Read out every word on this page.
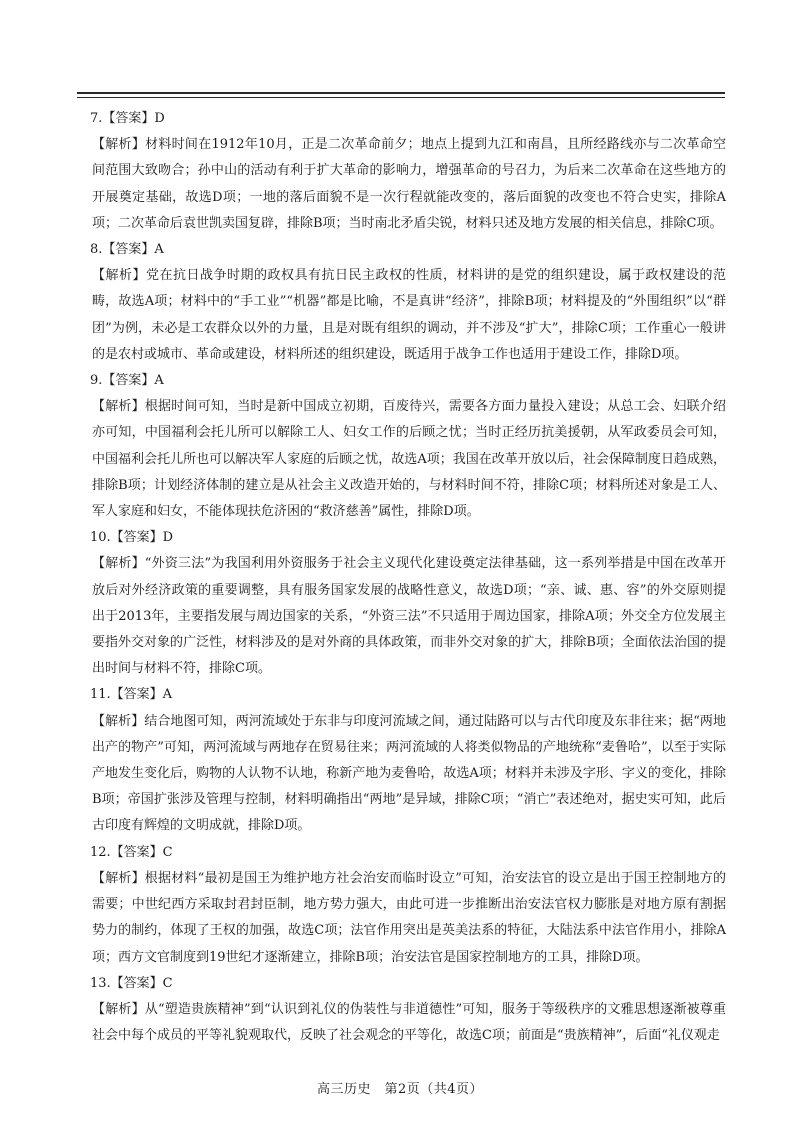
7.【答案】D

【解析】材料时间在1912年10月，正是二次革命前夕；地点上提到九江和南昌，且所经路线亦与二次革命空间范围大致吻合；孙中山的活动有利于扩大革命的影响力，增强革命的号召力，为后来二次革命在这些地方的开展奠定基础，故选D项；一地的落后面貌不是一次行程就能改变的，落后面貌的改变也不符合史实，排除A项；二次革命后袁世凯卖国复辟，排除B项；当时南北矛盾尖锐，材料只述及地方发展的相关信息，排除C项。

8.【答案】A

【解析】党在抗日战争时期的政权具有抗日民主政权的性质，材料讲的是党的组织建设，属于政权建设的范畴，故选A项；材料中的“手工业”“机器”都是比喻，不是真讲“经济”，排除B项；材料提及的“外围组织”以“群团”为例，未必是工农群众以外的力量，且是对既有组织的调动，并不涉及“扩大”，排除C项；工作重心一般讲的是农村或城市、革命或建设，材料所述的组织建设，既适用于战争工作也适用于建设工作，排除D项。

9.【答案】A

【解析】根据时间可知，当时是新中国成立初期，百废待兴，需要各方面力量投入建设；从总工会、妇联介绍亦可知，中国福利会托儿所可以解除工人、妇女工作的后顾之忧；当时正经历抗美援朝，从军政委员会可知，中国福利会托儿所也可以解决军人家庭的后顾之忧，故选A项；我国在改革开放以后，社会保障制度日趋成熟，排除B项；计划经济体制的建立是从社会主义改造开始的，与材料时间不符，排除C项；材料所述对象是工人、军人家庭和妇女，不能体现扶危济困的“救济慈善”属性，排除D项。

10.【答案】D

【解析】“外资三法”为我国利用外资服务于社会主义现代化建设奠定法律基础，这一系列举措是中国在改革开放后对外经济政策的重要调整，具有服务国家发展的战略性意义，故选D项；“亲、诚、惠、容”的外交原则提出于2013年，主要指发展与周边国家的关系，“外资三法”不只适用于周边国家，排除A项；外交全方位发展主要指外交对象的广泛性，材料涉及的是对外商的具体政策，而非外交对象的扩大，排除B项；全面依法治国的提出时间与材料不符，排除C项。

11.【答案】A

【解析】结合地图可知，两河流域处于东非与印度河流域之间，通过陆路可以与古代印度及东非往来；据“两地出产的物产”可知，两河流域与两地存在贸易往来；两河流域的人将类似物品的产地统称“麦鲁哈”，以至于实际产地发生变化后，购物的人认物不认地，称新产地为麦鲁哈，故选A项；材料并未涉及字形、字义的变化，排除B项；帝国扩张涉及管理与控制，材料明确指出“两地”是异域，排除C项；“消亡”表述绝对，据史实可知，此后古印度有辉煌的文明成就，排除D项。

12.【答案】C

【解析】根据材料“最初是国王为维护地方社会治安而临时设立”可知，治安法官的设立是出于国王控制地方的需要；中世纪西方采取封君封臣制，地方势力强大，由此可进一步推断出治安法官权力膨胀是对地方原有割据势力的制约，体现了王权的加强，故选C项；法官作用突出是英美法系的特征，大陆法系中法官作用小，排除A项；西方文官制度到19世纪才逐渐建立，排除B项；治安法官是国家控制地方的工具，排除D项。

13.【答案】C

【解析】从“塑造贵族精神”到“认识到礼仪的伪装性与非道德性”可知，服务于等级秩序的文雅思想逐渐被尊重社会中每个成员的平等礼貌观取代，反映了社会观念的平等化，故选C项；前面是“贵族精神”，后面“礼仪观走

高三历史　第2页（共4页）
